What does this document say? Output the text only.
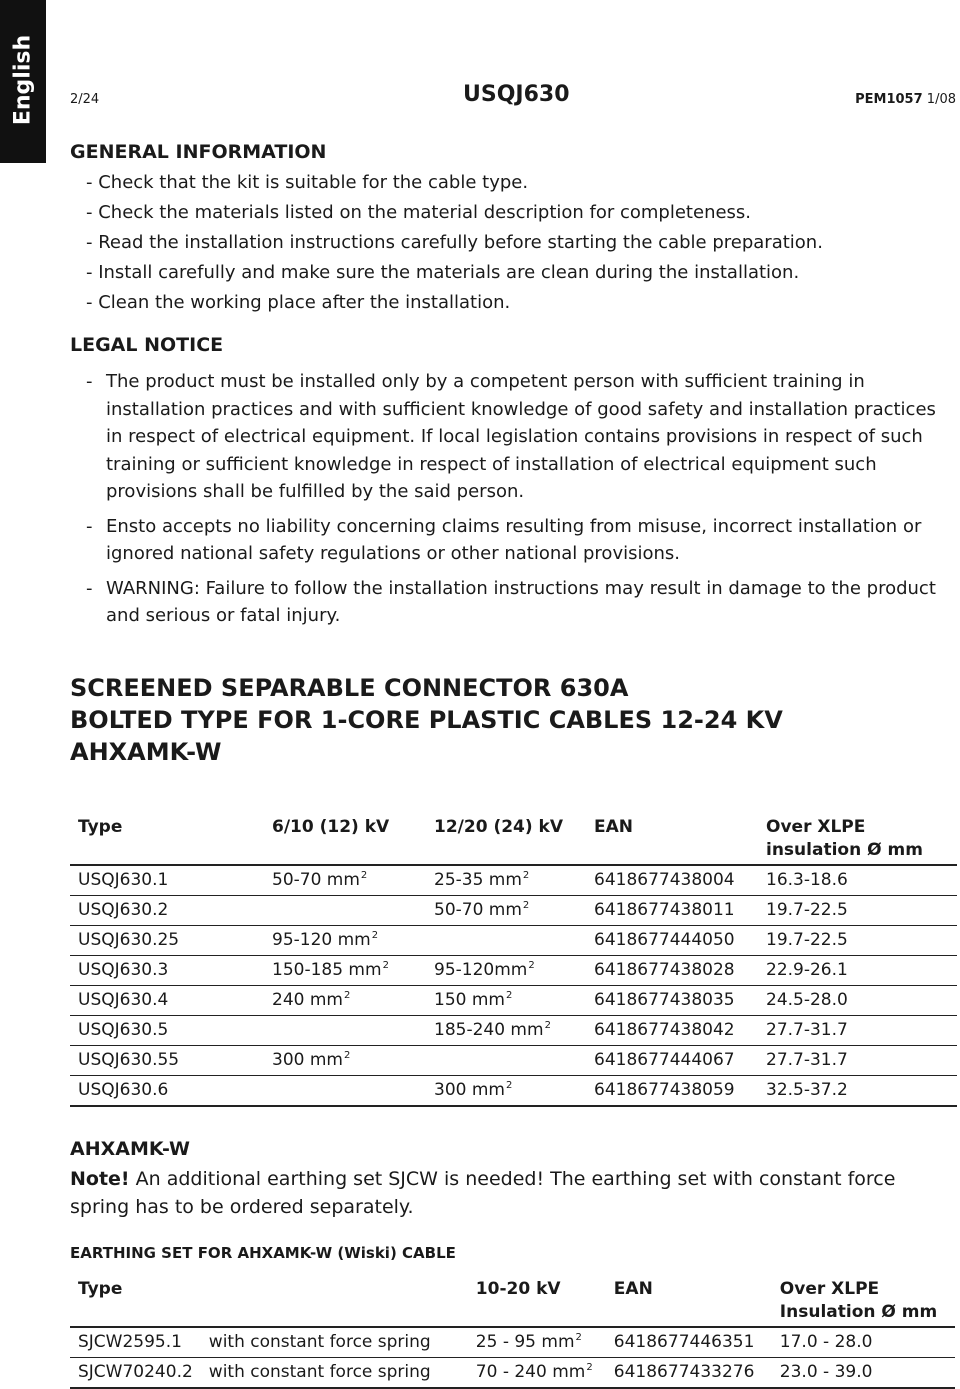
English	2/24	USQJ630	PEM1057 1/08
GENERAL INFORMATION
- Check that the kit is suitable for the cable type.
- Check the materials listed on the material description for completeness.
- Read the installation instructions carefully before starting the cable preparation.
- Install carefully and make sure the materials are clean during the installation.
- Clean the working place after the installation.
LEGAL NOTICE
- The product must be installed only by a competent person with sufficient training in installation practices and with sufficient knowledge of good safety and installation practices in respect of electrical equipment. If local legislation contains provisions in respect of such training or sufficient knowledge in respect of installation of electrical equipment such provisions shall be fulfilled by the said person.
- Ensto accepts no liability concerning claims resulting from misuse, incorrect installation or ignored national safety regulations or other national provisions.
- WARNING: Failure to follow the installation instructions may result in damage to the product and serious or fatal injury.
SCREENED SEPARABLE CONNECTOR 630A
BOLTED TYPE FOR 1-CORE PLASTIC CABLES 12-24 KV
AHXAMK-W
Type	6/10 (12) kV	12/20 (24) kV	EAN	Over XLPE insulation Ø mm
USQJ630.1	50-70 $mm^2$	25-35 $mm^2$	6418677438004	16.3-18.6
USQJ630.2		50-70 $mm^2$	6418677438011	19.7-22.5
USQJ630.25	95-120 $mm^2$		6418677444050	19.7-22.5
USQJ630.3	150-185 $mm^2$	$95-120mm^2$	6418677438028	22.9-26.1
USQJ630.4	240 $mm^2$	150 $mm^2$	6418677438035	24.5-28.0
USQJ630.5		185-240 $mm^2$	6418677438042	27.7-31.7
USQJ630.55	300 $mm^2$		6418677444067	27.7-31.7
USQJ630.6		300 $mm^2$	6418677438059	32.5-37.2
AHXAMK-W
Note! An additional earthing set SJCW is needed! The earthing set with constant force spring has to be ordered separately.
EARTHING SET FOR AHXAMK-W (Wiski) CABLE
Type		10-20 kV	EAN	Over XLPE Insulation Ø mm
SJCW2595.1	with constant force spring	25 - 95 $mm^2$	6418677446351	17.0 - 28.0
SJCW70240.2	with constant force spring	70 - 240 $mm^2$	6418677433276	23.0 - 39.0
